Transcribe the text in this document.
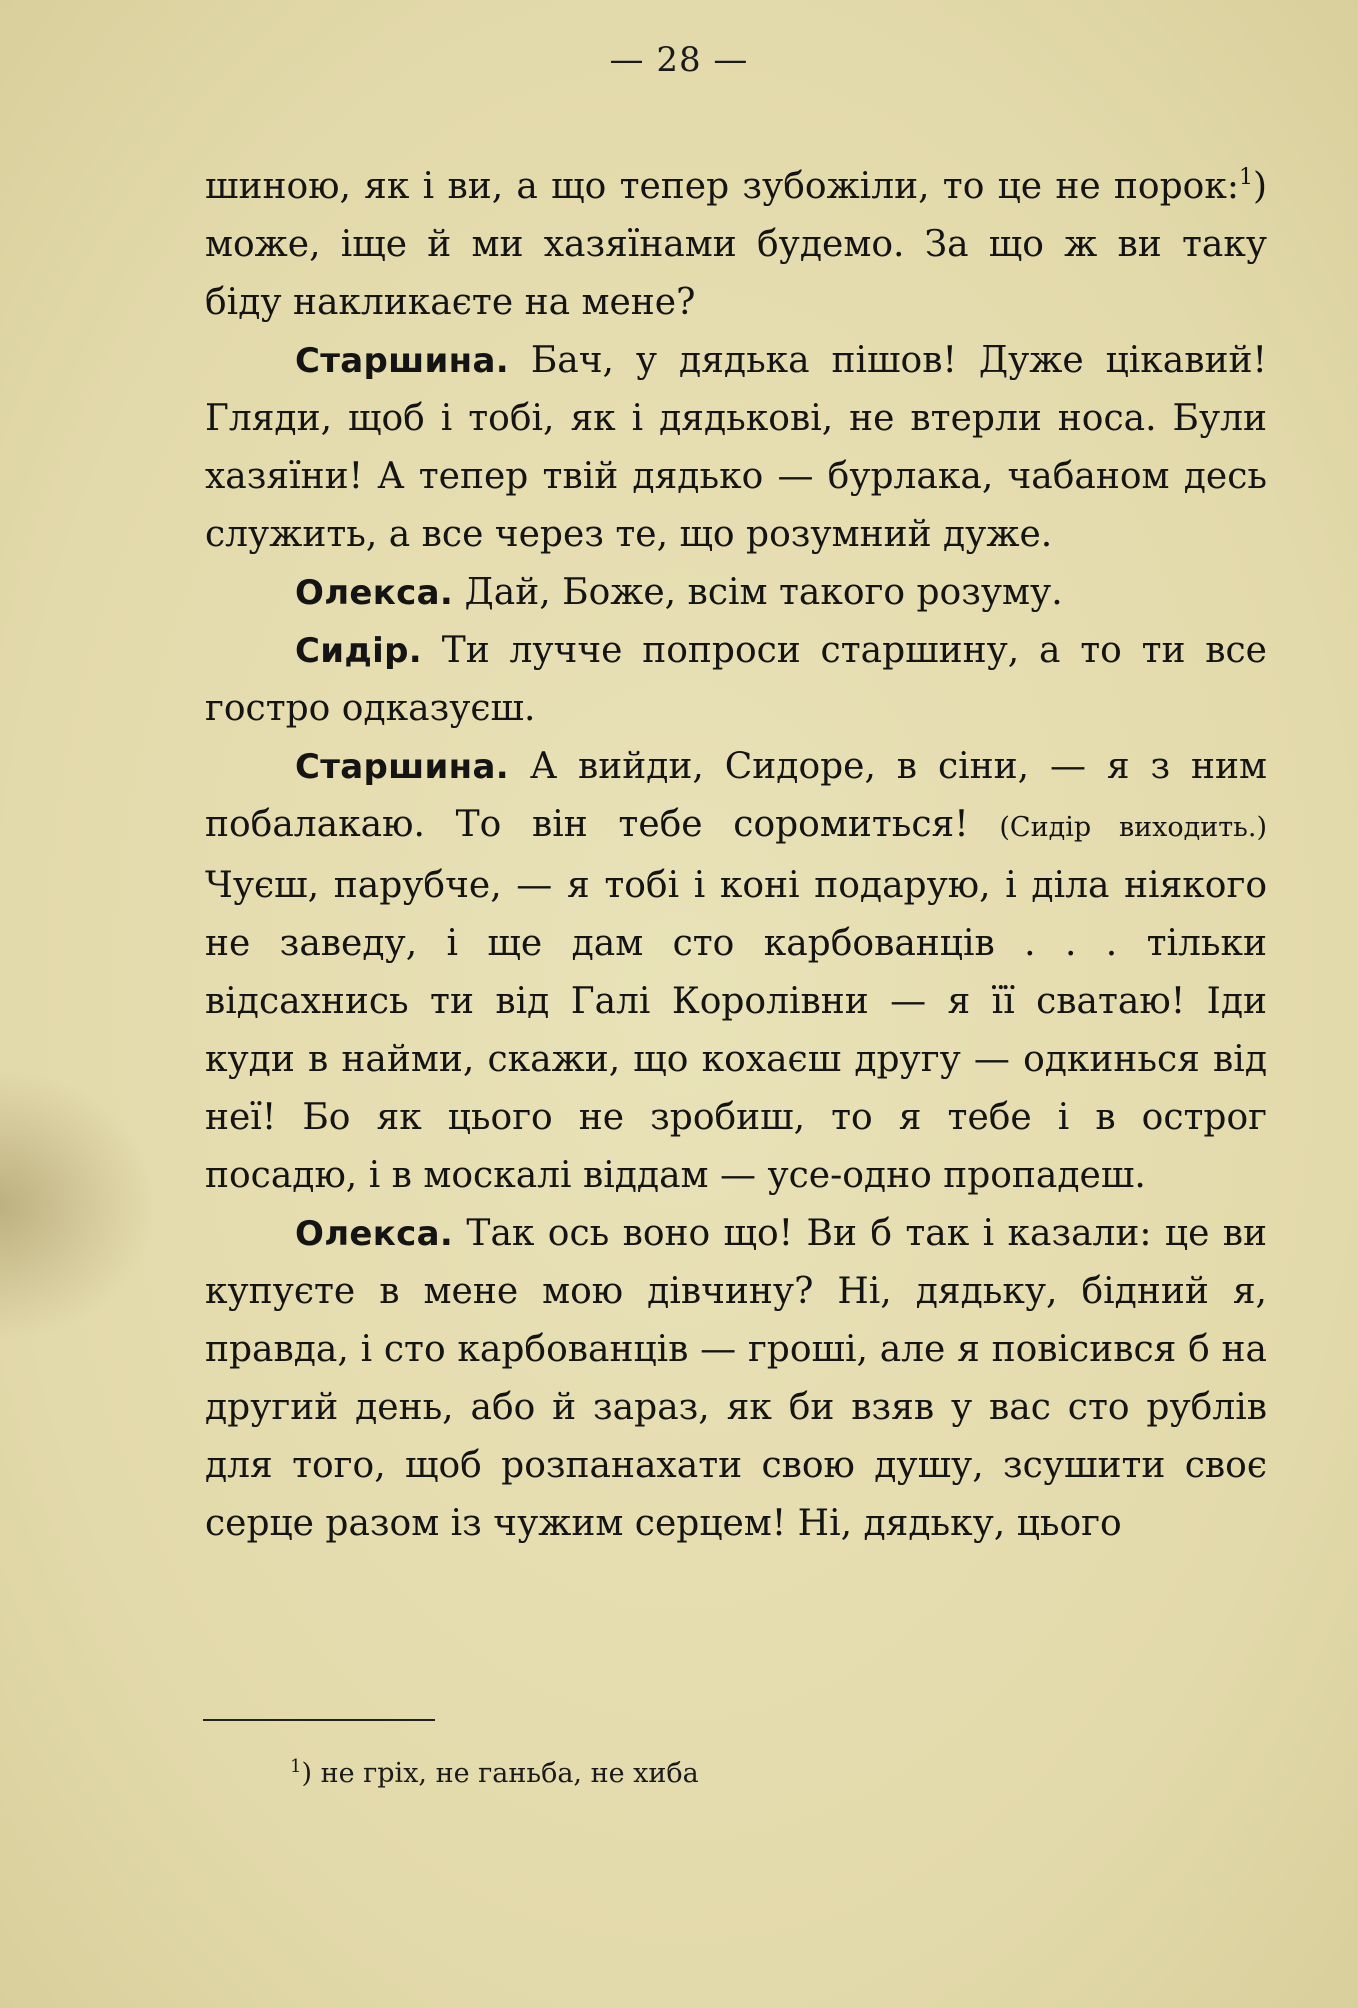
— 28 —

шиною, як і ви, а що тепер зубожіли, то це не порок:$^1$) може, іще й ми хазяїнами будемо. За що ж ви таку біду накликаєте на мене?

Старшина. Бач, у дядька пішов! Дуже цікавий! Гляди, щоб і тобі, як і дядькові, не втерли носа. Були хазяїни! А тепер твій дядько — бурлака, чабаном десь служить, а все через те, що розумний дуже.

Олекса. Дай, Боже, всім такого розуму.

Сидір. Ти лучче попроси старшину, а то ти все гостро одказуєш.

Старшина. А вийди, Сидоре, в сіни, — я з ним побалакаю. То він тебе соромиться! (Сидір виходить.) Чуєш, парубче, — я тобі і коні подарую, і діла ніякого не заведу, і ще дам сто карбованців . . . тільки відсахнись ти від Галі Королівни — я її сватаю! Іди куди в найми, скажи, що кохаєш другу — одкинься від неї! Бо як цього не зробиш, то я тебе і в острог посадю, і в москалі віддам — усе-одно пропадеш.

Олекса. Так ось воно що! Ви б так і казали: це ви купуєте в мене мою дівчину? Ні, дядьку, бідний я, правда, і сто карбованців — гроші, але я повісився б на другий день, або й зараз, як би взяв у вас сто рублів для того, щоб розпанахати свою душу, зсушити своє серце разом із чужим серцем! Ні, дядьку, цього

$^1$) не гріх, не ганьба, не хиба
